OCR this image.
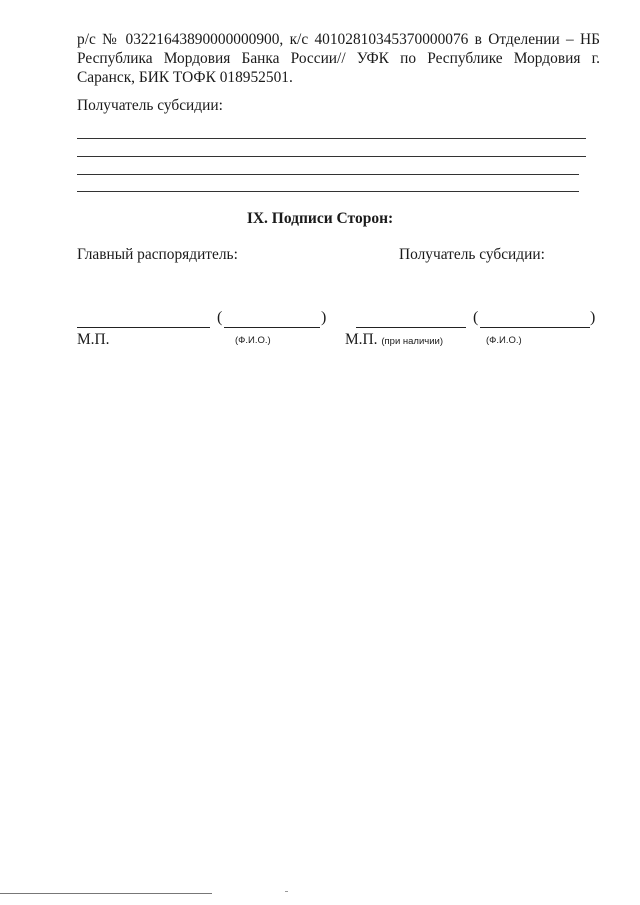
р/с № 03221643890000000900, к/с 40102810345370000076 в Отделении – НБ Республика Мордовия Банка России// УФК по Республике Мордовия г. Саранск, БИК ТОФК 018952501.

Получатель субсидии:

IX. Подписи Сторон:

Главный распорядитель:	Получатель субсидии:

(	)
М.П.	(Ф.И.О.)
(	)
М.П. (при наличии)	(Ф.И.О.)
